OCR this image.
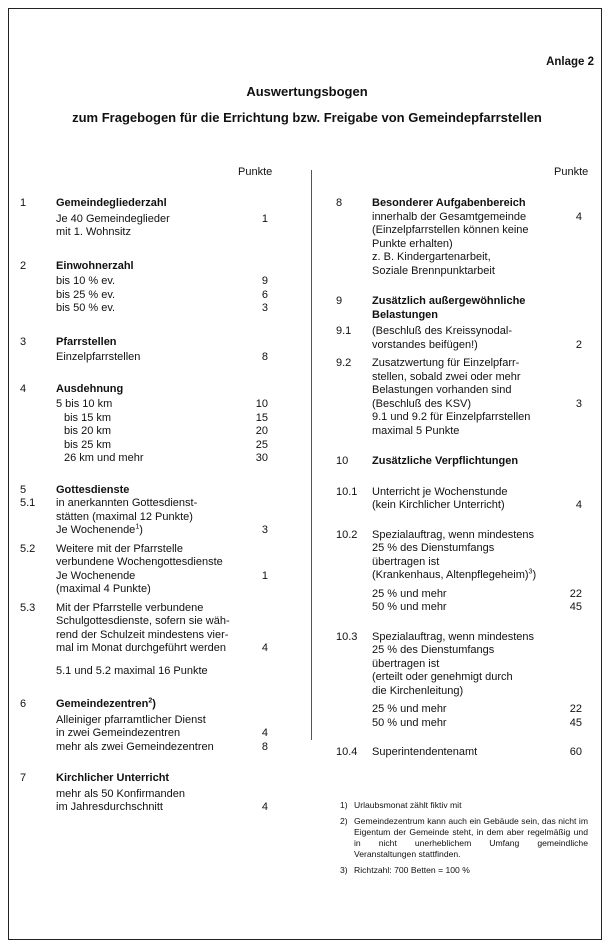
Anlage 2
Auswertungsbogen
zum Fragebogen für die Errichtung bzw. Freigabe von Gemeindepfarrstellen
Punkte	Punkte
1	Gemeindegliederzahl
Je 40 Gemeindeglieder	1
mit 1. Wohnsitz
2	Einwohnerzahl
bis 10 % ev.	9
bis 25 % ev.	6
bis 50 % ev.	3
3	Pfarrstellen
Einzelpfarrstellen	8
4	Ausdehnung
5 bis 10 km	10
bis 15 km	15
bis 20 km	20
bis 25 km	25
26 km und mehr	30
5	Gottesdienste
5.1 in anerkannten Gottesdienst-
stätten (maximal 12 Punkte)
Je Wochenende$^1$)	3
5.2 Weitere mit der Pfarrstelle
verbundene Wochengottesdienste
Je Wochenende	1
(maximal 4 Punkte)
5.3 Mit der Pfarrstelle verbundene
Schulgottesdienste, sofern sie wäh-
rend der Schulzeit mindestens vier-
mal im Monat durchgeführt werden	4
5.1 und 5.2 maximal 16 Punkte
6	Gemeindezentren$^2$)
Alleiniger pfarramtlicher Dienst
in zwei Gemeindezentren	4
mehr als zwei Gemeindezentren	8
7	Kirchlicher Unterricht
mehr als 50 Konfirmanden
im Jahresdurchschnitt	4
8	Besonderer Aufgabenbereich
innerhalb der Gesamtgemeinde	4
(Einzelpfarrstellen können keine
Punkte erhalten)
z. B. Kindergartenarbeit,
Soziale Brennpunktarbeit
9	Zusätzlich außergewöhnliche
Belastungen
9.1 (Beschluß des Kreissynodal-
vorstandes beifügen!)	2
9.2 Zusatzwertung für Einzelpfarr-
stellen, sobald zwei oder mehr
Belastungen vorhanden sind
(Beschluß des KSV)	3
9.1 und 9.2 für Einzelpfarrstellen
maximal 5 Punkte
10 Zusätzliche Verpflichtungen
10.1 Unterricht je Wochenstunde
(kein Kirchlicher Unterricht)	4
10.2 Spezialauftrag, wenn mindestens
25 % des Dienstumfangs
übertragen ist
(Krankenhaus, Altenpflegeheim)$^3$)
25 % und mehr	22
50 % und mehr	45
10.3 Spezialauftrag, wenn mindestens
25 % des Dienstumfangs
übertragen ist
(erteilt oder genehmigt durch
die Kirchenleitung)
25 % und mehr	22
50 % und mehr	45
10.4 Superintendentenamt	60
1) Urlaubsmonat zählt fiktiv mit
2) Gemeindezentrum kann auch ein Gebäude sein, das nicht im Eigentum der Gemeinde steht, in dem aber regelmäßig und in nicht unerheblichem Umfang gemeindliche Veranstaltungen stattfinden.
3) Richtzahl: 700 Betten = 100 %
